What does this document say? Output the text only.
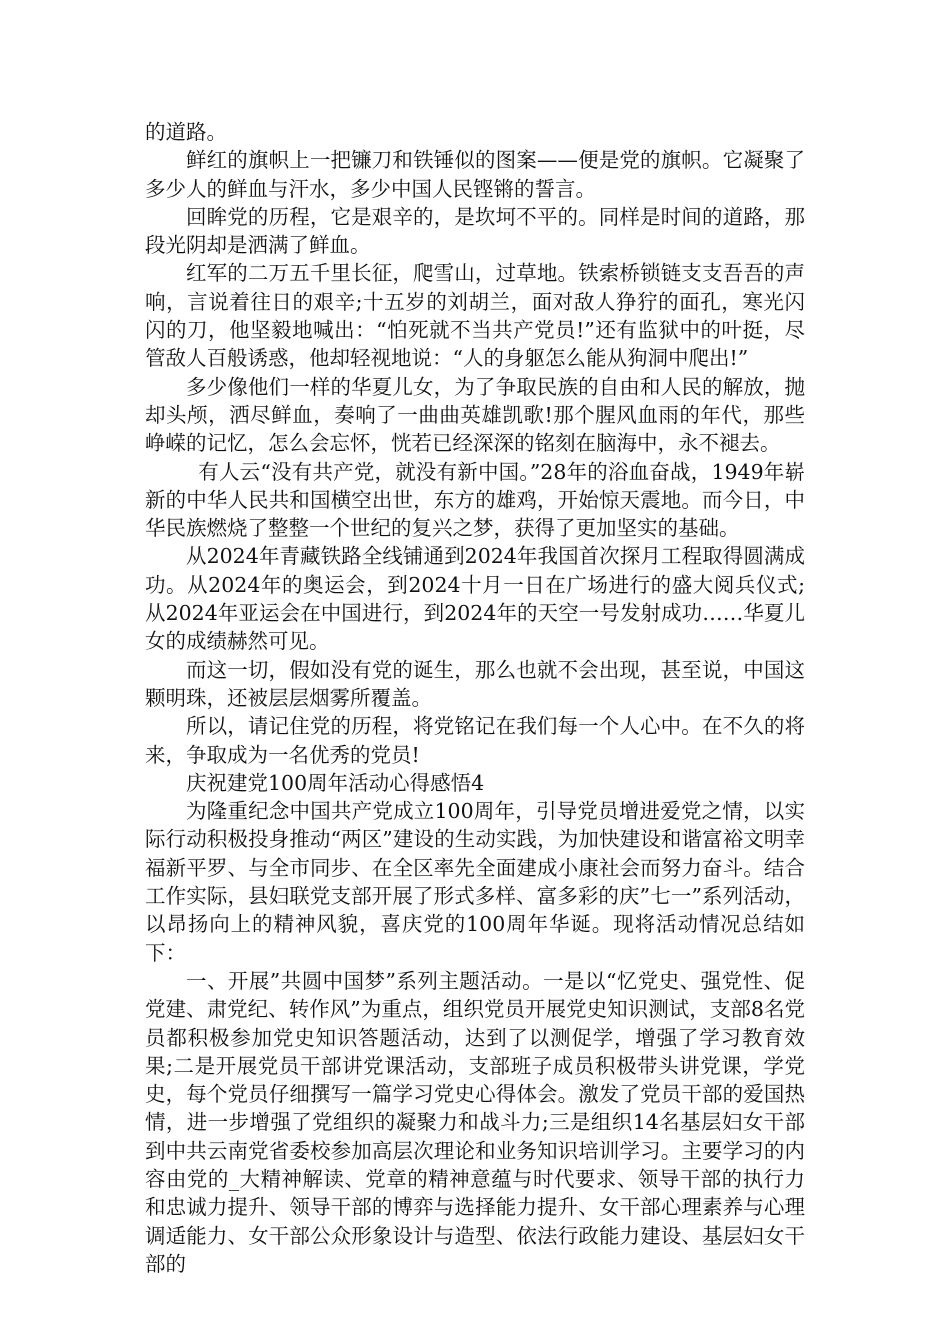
的道路。

鲜红的旗帜上一把镰刀和铁锤似的图案——便是党的旗帜。它凝聚了多少人的鲜血与汗水，多少中国人民铿锵的誓言。

回眸党的历程，它是艰辛的，是坎坷不平的。同样是时间的道路，那段光阴却是洒满了鲜血。

红军的二万五千里长征，爬雪山，过草地。铁索桥锁链支支吾吾的声响，言说着往日的艰辛;十五岁的刘胡兰，面对敌人狰狞的面孔，寒光闪闪的刀，他坚毅地喊出：“怕死就不当共产党员!”还有监狱中的叶挺，尽管敌人百般诱惑，他却轻视地说：“人的身躯怎么能从狗洞中爬出!”

多少像他们一样的华夏儿女，为了争取民族的自由和人民的解放，抛却头颅，洒尽鲜血，奏响了一曲曲英雄凯歌!那个腥风血雨的年代，那些峥嵘的记忆，怎么会忘怀，恍若已经深深的铭刻在脑海中，永不褪去。

有人云“没有共产党，就没有新中国。”28年的浴血奋战，1949年崭新的中华人民共和国横空出世，东方的雄鸡，开始惊天震地。而今日，中华民族燃烧了整整一个世纪的复兴之梦，获得了更加坚实的基础。

从2024年青藏铁路全线铺通到2024年我国首次探月工程取得圆满成功。从2024年的奥运会，到2024十月一日在广场进行的盛大阅兵仪式;从2024年亚运会在中国进行，到2024年的天空一号发射成功……华夏儿女的成绩赫然可见。

而这一切，假如没有党的诞生，那么也就不会出现，甚至说，中国这颗明珠，还被层层烟雾所覆盖。

所以，请记住党的历程，将党铭记在我们每一个人心中。在不久的将来，争取成为一名优秀的党员!

庆祝建党100周年活动心得感悟4

为隆重纪念中国共产党成立100周年，引导党员增进爱党之情，以实际行动积极投身推动“两区”建设的生动实践，为加快建设和谐富裕文明幸福新平罗、与全市同步、在全区率先全面建成小康社会而努力奋斗。结合工作实际，县妇联党支部开展了形式多样、富多彩的庆”七一”系列活动，以昂扬向上的精神风貌，喜庆党的100周年华诞。现将活动情况总结如下：

一、开展”共圆中国梦”系列主题活动。一是以“忆党史、强党性、促党建、肃党纪、转作风”为重点，组织党员开展党史知识测试，支部8名党员都积极参加党史知识答题活动，达到了以测促学，增强了学习教育效果;二是开展党员干部讲党课活动，支部班子成员积极带头讲党课，学党史，每个党员仔细撰写一篇学习党史心得体会。激发了党员干部的爱国热情，进一步增强了党组织的凝聚力和战斗力;三是组织14名基层妇女干部到中共云南党省委校参加高层次理论和业务知识培训学习。主要学习的内容由党的_大精神解读、党章的精神意蕴与时代要求、领导干部的执行力和忠诚力提升、领导干部的博弈与选择能力提升、女干部心理素养与心理调适能力、女干部公众形象设计与造型、依法行政能力建设、基层妇女干部的
